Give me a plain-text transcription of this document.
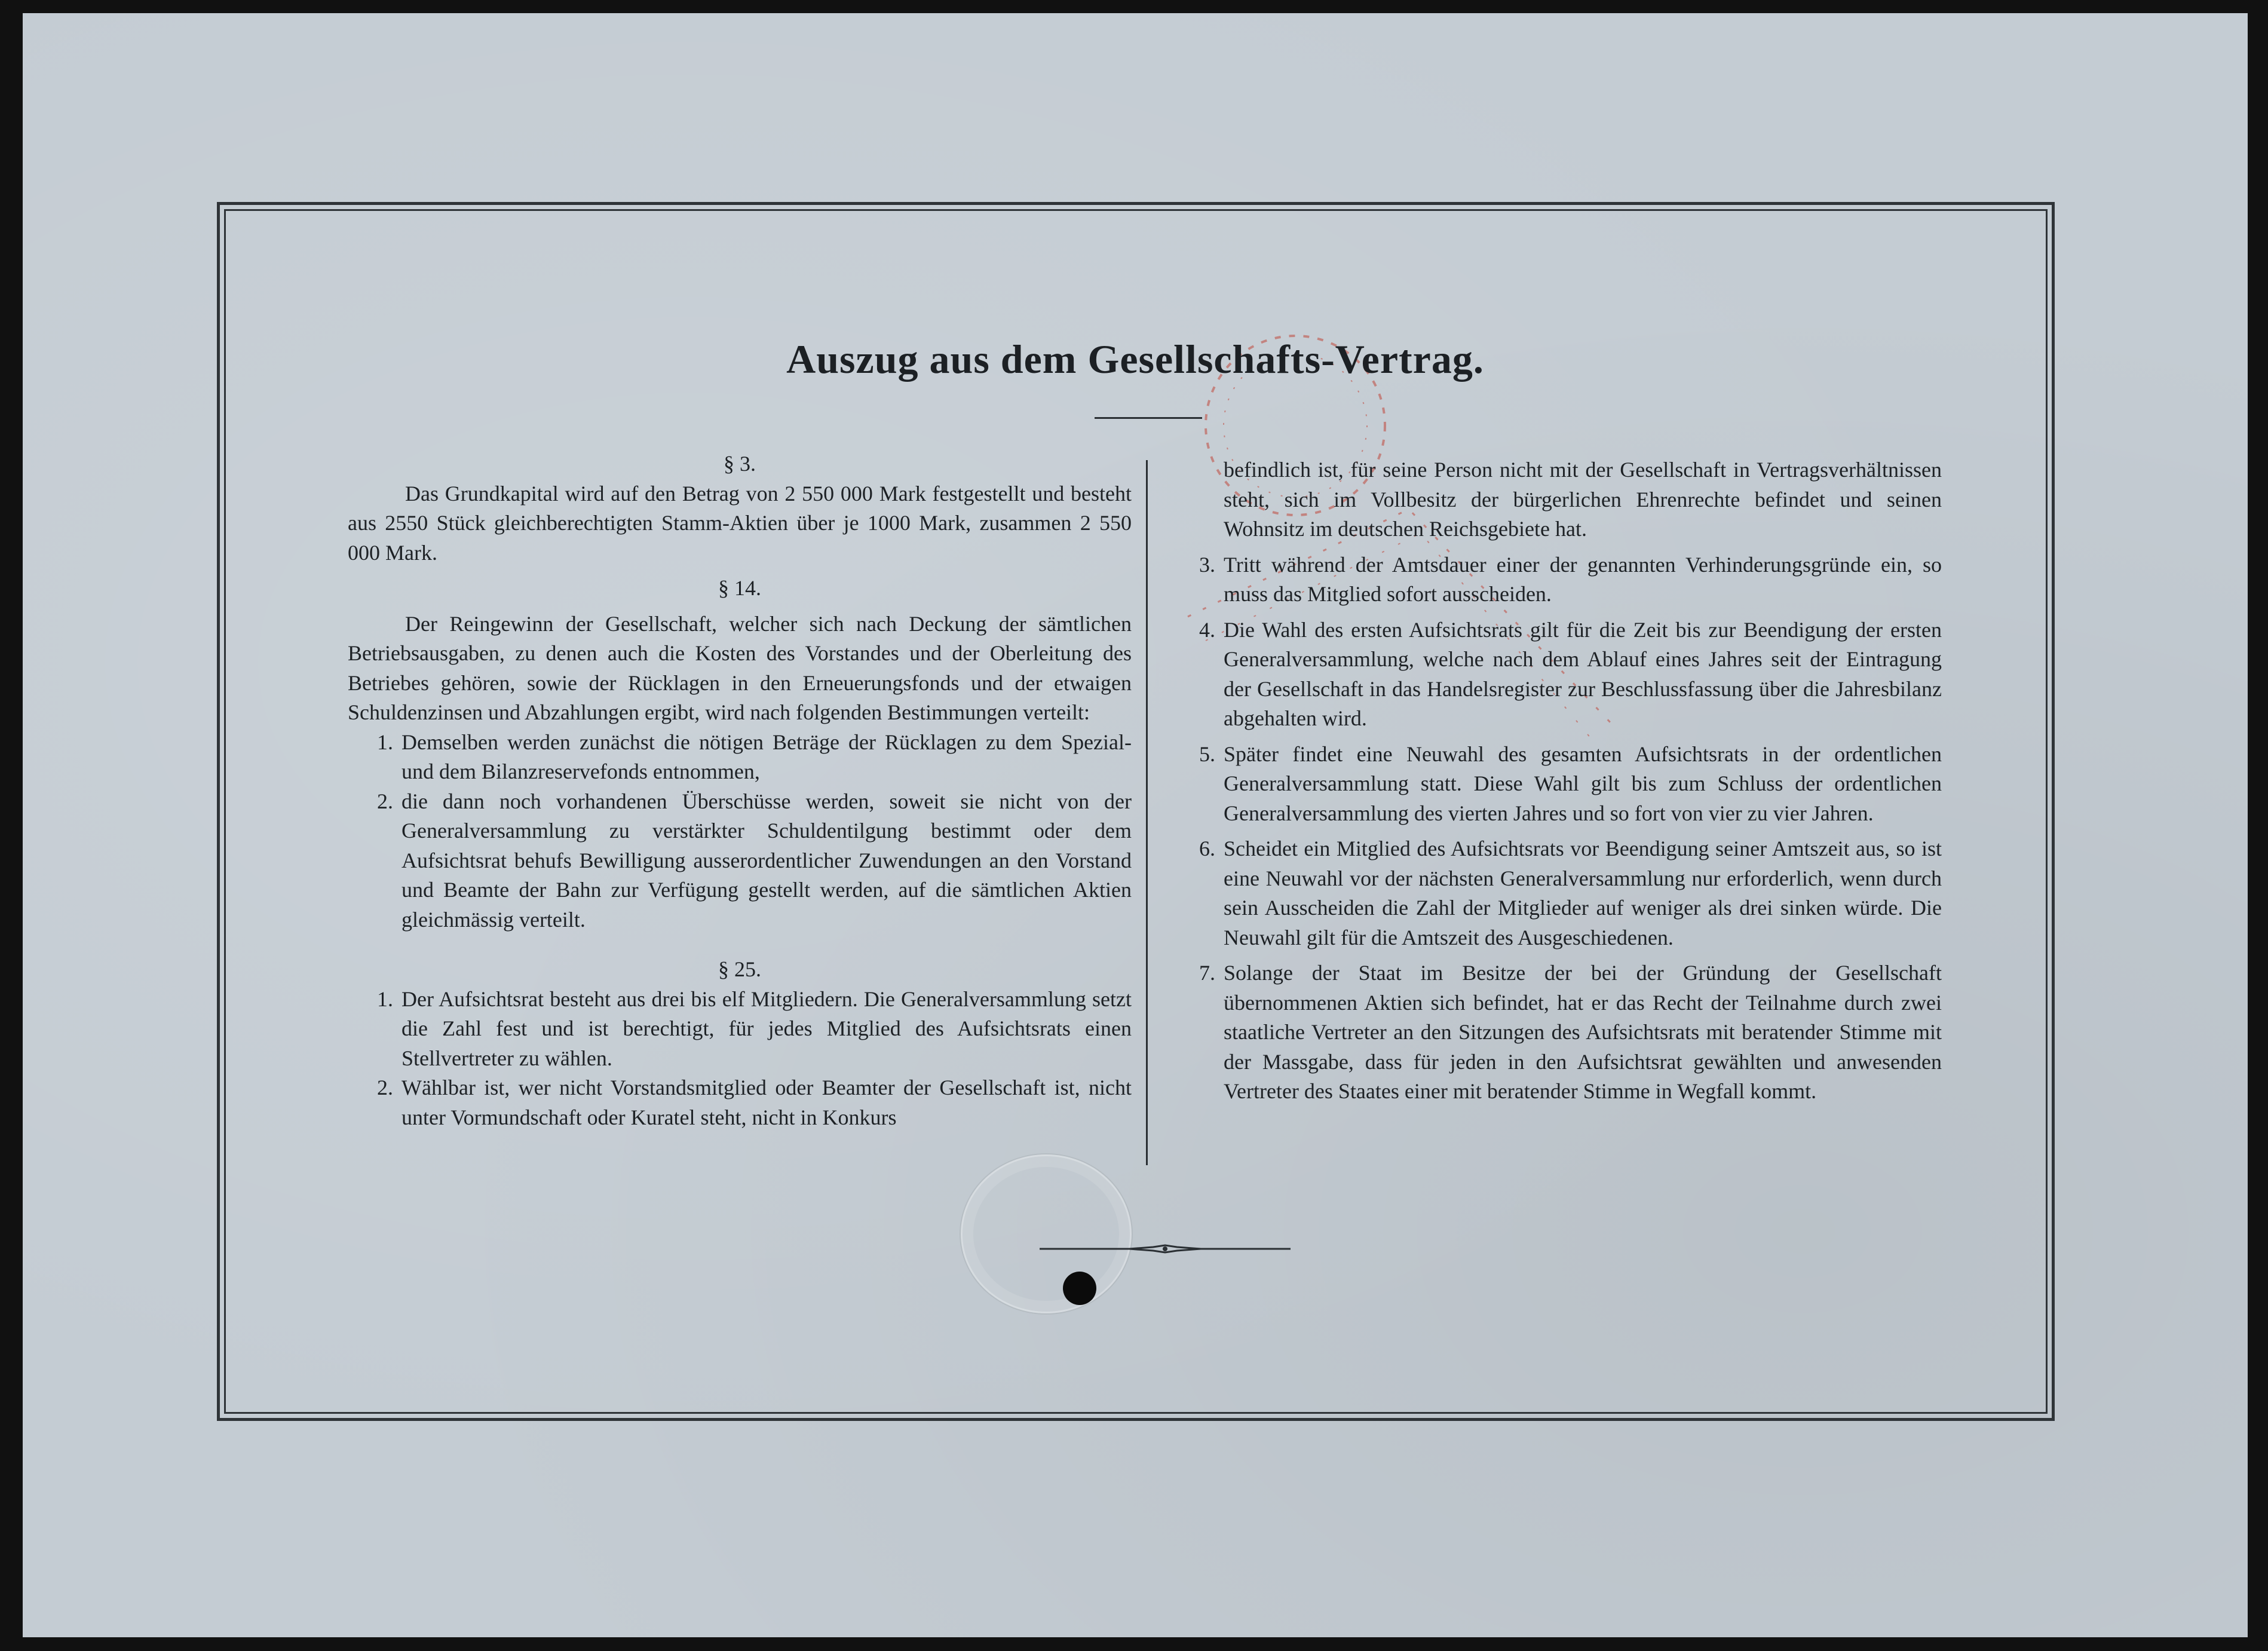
Auszug aus dem Gesellschafts-Vertrag.

§ 3.

Das Grundkapital wird auf den Betrag von 2 550 000 Mark festgestellt und besteht aus 2550 Stück gleichberechtigten Stamm-Aktien über je 1000 Mark, zusammen 2 550 000 Mark.

§ 14.

Der Reingewinn der Gesellschaft, welcher sich nach Deckung der sämtlichen Betriebsausgaben, zu denen auch die Kosten des Vorstandes und der Oberleitung des Betriebes gehören, sowie der Rücklagen in den Erneuerungsfonds und der etwaigen Schuldenzinsen und Abzahlungen ergibt, wird nach folgenden Bestimmungen verteilt:

1. Demselben werden zunächst die nötigen Beträge der Rücklagen zu dem Spezial- und dem Bilanzreservefonds entnommen,
2. die dann noch vorhandenen Überschüsse werden, soweit sie nicht von der Generalversammlung zu verstärkter Schuldentilgung bestimmt oder dem Aufsichtsrat behufs Bewilligung ausserordentlicher Zuwendungen an den Vorstand und Beamte der Bahn zur Verfügung gestellt werden, auf die sämtlichen Aktien gleichmässig verteilt.

§ 25.

1. Der Aufsichtsrat besteht aus drei bis elf Mitgliedern. Die Generalversammlung setzt die Zahl fest und ist berechtigt, für jedes Mitglied des Aufsichtsrats einen Stellvertreter zu wählen.
2. Wählbar ist, wer nicht Vorstandsmitglied oder Beamter der Gesellschaft ist, nicht unter Vormundschaft oder Kuratel steht, nicht in Konkurs
befindlich ist, für seine Person nicht mit der Gesellschaft in Vertragsverhältnissen steht, sich im Vollbesitz der bürgerlichen Ehrenrechte befindet und seinen Wohnsitz im deutschen Reichsgebiete hat.
3. Tritt während der Amtsdauer einer der genannten Verhinderungsgründe ein, so muss das Mitglied sofort ausscheiden.
4. Die Wahl des ersten Aufsichtsrats gilt für die Zeit bis zur Beendigung der ersten Generalversammlung, welche nach dem Ablauf eines Jahres seit der Eintragung der Gesellschaft in das Handelsregister zur Beschlussfassung über die Jahresbilanz abgehalten wird.
5. Später findet eine Neuwahl des gesamten Aufsichtsrats in der ordentlichen Generalversammlung statt. Diese Wahl gilt bis zum Schluss der ordentlichen Generalversammlung des vierten Jahres und so fort von vier zu vier Jahren.
6. Scheidet ein Mitglied des Aufsichtsrats vor Beendigung seiner Amtszeit aus, so ist eine Neuwahl vor der nächsten Generalversammlung nur erforderlich, wenn durch sein Ausscheiden die Zahl der Mitglieder auf weniger als drei sinken würde. Die Neuwahl gilt für die Amtszeit des Ausgeschiedenen.
7. Solange der Staat im Besitze der bei der Gründung der Gesellschaft übernommenen Aktien sich befindet, hat er das Recht der Teilnahme durch zwei staatliche Vertreter an den Sitzungen des Aufsichtsrats mit beratender Stimme mit der Massgabe, dass für jeden in den Aufsichtsrat gewählten und anwesenden Vertreter des Staates einer mit beratender Stimme in Wegfall kommt.
